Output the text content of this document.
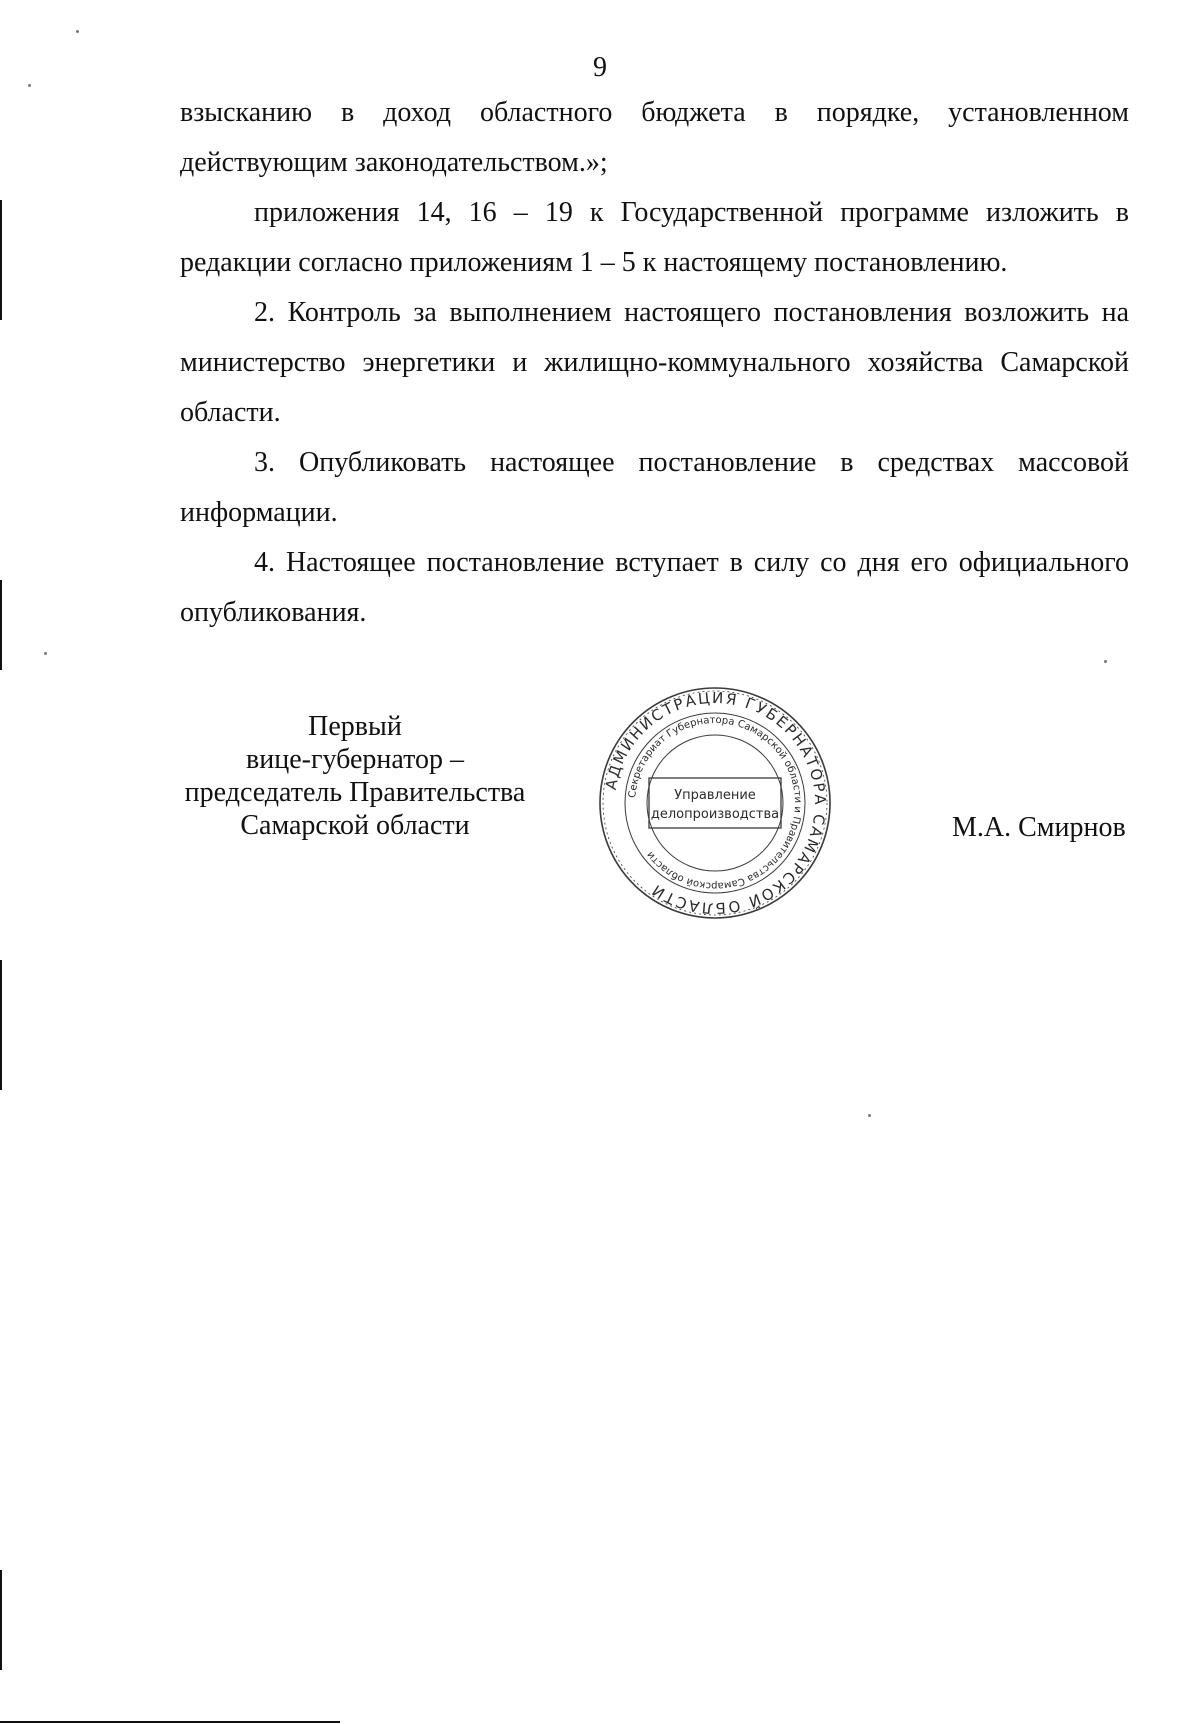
9

взысканию в доход областного бюджета в порядке, установленном действующим законодательством.»;

приложения 14, 16 – 19 к Государственной программе изложить в редакции согласно приложениям 1 – 5 к настоящему постановлению.

2. Контроль за выполнением настоящего постановления возложить на министерство энергетики и жилищно-коммунального хозяйства Самарской области.

3. Опубликовать настоящее постановление в средствах массовой информации.

4. Настоящее постановление вступает в силу со дня его официального опубликования.

Первый
вице-губернатор –
председатель Правительства
Самарской области
АДМИНИСТРАЦИЯ ГУБЕРНАТОРА САМАРСКОЙ ОБЛАСТИ
Секретариат Губернатора Самарской области и Правительства Самарской области
Управление
делопроизводства	М.А. Смирнов
